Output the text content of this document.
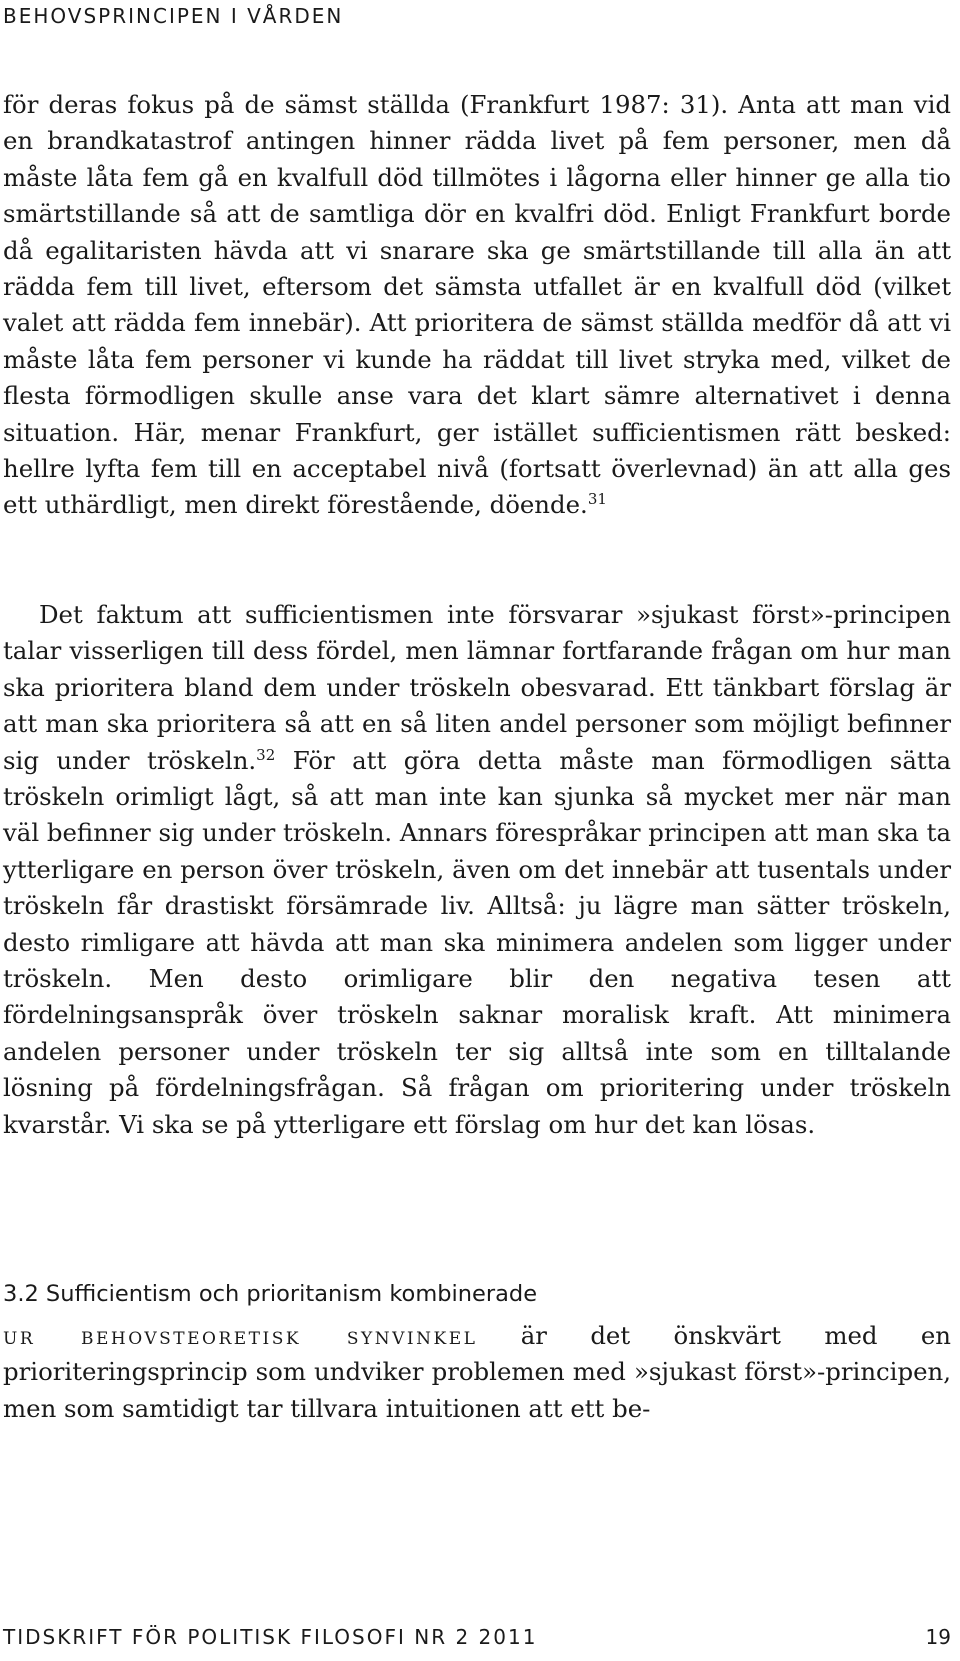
BEHOVSPRINCIPEN I VÅRDEN

för deras fokus på de sämst ställda (Frankfurt 1987: 31). Anta att man vid en brandkatastrof antingen hinner rädda livet på fem personer, men då måste låta fem gå en kvalfull död tillmötes i lågorna eller hinner ge alla tio smärtstillande så att de samtliga dör en kvalfri död. Enligt Frankfurt borde då egalitaristen hävda att vi snarare ska ge smärtstillande till alla än att rädda fem till livet, eftersom det sämsta utfallet är en kvalfull död (vilket valet att rädda fem innebär). Att prioritera de sämst ställda medför då att vi måste låta fem personer vi kunde ha räddat till livet stryka med, vilket de flesta förmodligen skulle anse vara det klart sämre alternativet i denna situation. Här, menar Frankfurt, ger istället sufficientismen rätt besked: hellre lyfta fem till en acceptabel nivå (fortsatt överlevnad) än att alla ges ett uthärdligt, men direkt förestående, döende.$^{31}$

Det faktum att sufficientismen inte försvarar »sjukast först»-principen talar visserligen till dess fördel, men lämnar fortfarande frågan om hur man ska prioritera bland dem under tröskeln obesvarad. Ett tänkbart förslag är att man ska prioritera så att en så liten andel personer som möjligt befinner sig under tröskeln.$^{32}$ För att göra detta måste man förmodligen sätta tröskeln orimligt lågt, så att man inte kan sjunka så mycket mer när man väl befinner sig under tröskeln. Annars förespråkar principen att man ska ta ytterligare en person över tröskeln, även om det innebär att tusentals under tröskeln får drastiskt försämrade liv. Alltså: ju lägre man sätter tröskeln, desto rimligare att hävda att man ska minimera andelen som ligger under tröskeln. Men desto orimligare blir den negativa tesen att fördelningsanspråk över tröskeln saknar moralisk kraft. Att minimera andelen personer under tröskeln ter sig alltså inte som en tilltalande lösning på fördelningsfrågan. Så frågan om prioritering under tröskeln kvarstår. Vi ska se på ytterligare ett förslag om hur det kan lösas.

3.2 Sufficientism och prioritanism kombinerade

ur behovsteoretisk synvinkel är det önskvärt med en prioriteringsprincip som undviker problemen med »sjukast först»-principen, men som samtidigt tar tillvara intuitionen att ett be-

TIDSKRIFT FÖR POLITISK FILOSOFI NR 2 2011	19
